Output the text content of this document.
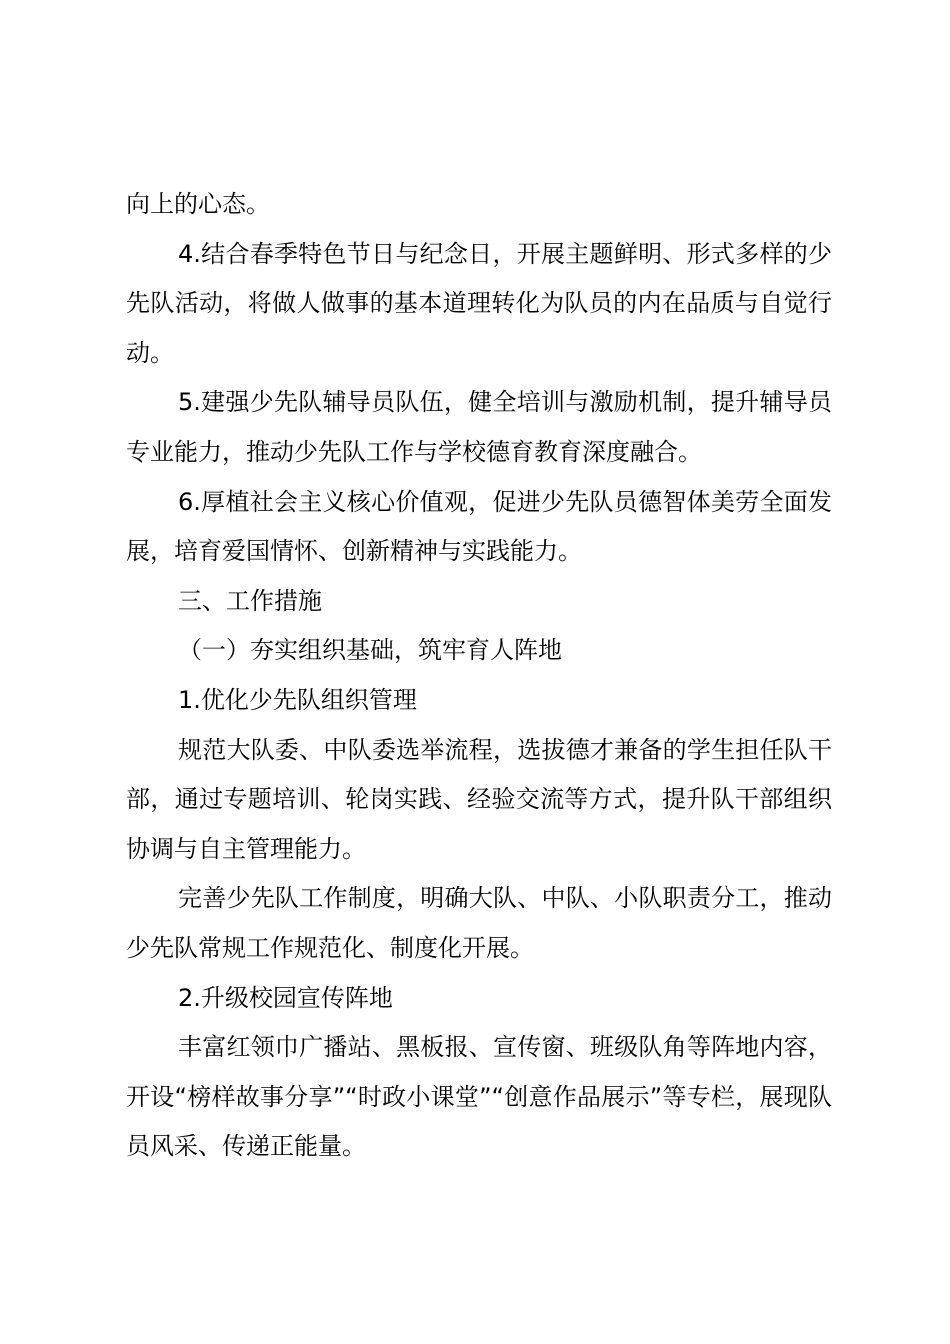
向上的心态。

4.结合春季特色节日与纪念日，开展主题鲜明、形式多样的少先队活动，将做人做事的基本道理转化为队员的内在品质与自觉行动。

5.建强少先队辅导员队伍，健全培训与激励机制，提升辅导员专业能力，推动少先队工作与学校德育教育深度融合。

6.厚植社会主义核心价值观，促进少先队员德智体美劳全面发展，培育爱国情怀、创新精神与实践能力。

三、工作措施

（一）夯实组织基础，筑牢育人阵地

1.优化少先队组织管理

规范大队委、中队委选举流程，选拔德才兼备的学生担任队干部，通过专题培训、轮岗实践、经验交流等方式，提升队干部组织协调与自主管理能力。

完善少先队工作制度，明确大队、中队、小队职责分工，推动少先队常规工作规范化、制度化开展。

2.升级校园宣传阵地

丰富红领巾广播站、黑板报、宣传窗、班级队角等阵地内容，开设“榜样故事分享”“时政小课堂”“创意作品展示”等专栏，展现队员风采、传递正能量。
